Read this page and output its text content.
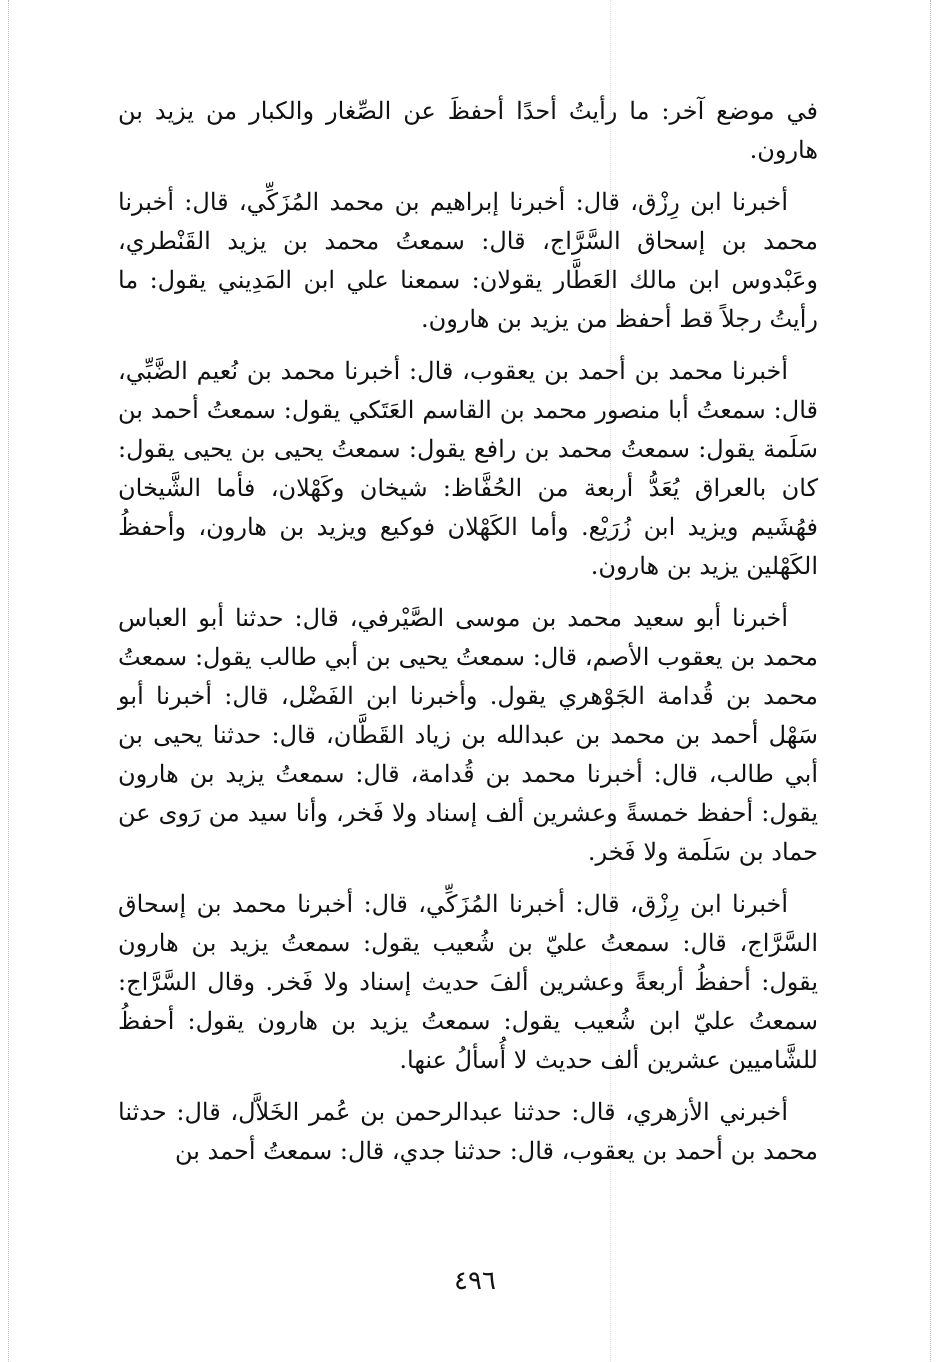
في موضع آخر: ما رأيتُ أحدًا أحفظَ عن الصِّغار والكبار من يزيد بن هارون.

أخبرنا ابن رِزْق، قال: أخبرنا إبراهيم بن محمد المُزَكِّي، قال: أخبرنا محمد بن إسحاق السَّرَّاج، قال: سمعتُ محمد بن يزيد القَنْطري، وعَبْدوس ابن مالك العَطَّار يقولان: سمعنا علي ابن المَدِيني يقول: ما رأيتُ رجلاً قط أحفظ من يزيد بن هارون.

أخبرنا محمد بن أحمد بن يعقوب، قال: أخبرنا محمد بن نُعيم الضَّبِّي، قال: سمعتُ أبا منصور محمد بن القاسم العَتَكي يقول: سمعتُ أحمد بن سَلَمة يقول: سمعتُ محمد بن رافع يقول: سمعتُ يحيى بن يحيى يقول: كان بالعراق يُعَدُّ أربعة من الحُفَّاظ: شيخان وكَهْلان، فأما الشَّيخان فهُشَيم ويزيد ابن زُرَيْع. وأما الكَهْلان فوكيع ويزيد بن هارون، وأحفظُ الكَهْلين يزيد بن هارون.

أخبرنا أبو سعيد محمد بن موسى الصَّيْرفي، قال: حدثنا أبو العباس محمد بن يعقوب الأصم، قال: سمعتُ يحيى بن أبي طالب يقول: سمعتُ محمد بن قُدامة الجَوْهري يقول. وأخبرنا ابن الفَضْل، قال: أخبرنا أبو سَهْل أحمد بن محمد بن عبدالله بن زياد القَطَّان، قال: حدثنا يحيى بن أبي طالب، قال: أخبرنا محمد بن قُدامة، قال: سمعتُ يزيد بن هارون يقول: أحفظ خمسةً وعشرين ألف إسناد ولا فَخر، وأنا سيد من رَوى عن حماد بن سَلَمة ولا فَخر.

أخبرنا ابن رِزْق، قال: أخبرنا المُزَكِّي، قال: أخبرنا محمد بن إسحاق السَّرَّاج، قال: سمعتُ عليّ بن شُعيب يقول: سمعتُ يزيد بن هارون يقول: أحفظُ أربعةً وعشرين ألفَ حديث إسناد ولا فَخر. وقال السَّرَّاج: سمعتُ عليّ ابن شُعيب يقول: سمعتُ يزيد بن هارون يقول: أحفظُ للشَّاميين عشرين ألف حديث لا أُسألُ عنها.

أخبرني الأزهري، قال: حدثنا عبدالرحمن بن عُمر الخَلاَّل، قال: حدثنا محمد بن أحمد بن يعقوب، قال: حدثنا جدي، قال: سمعتُ أحمد بن

٤٩٦
